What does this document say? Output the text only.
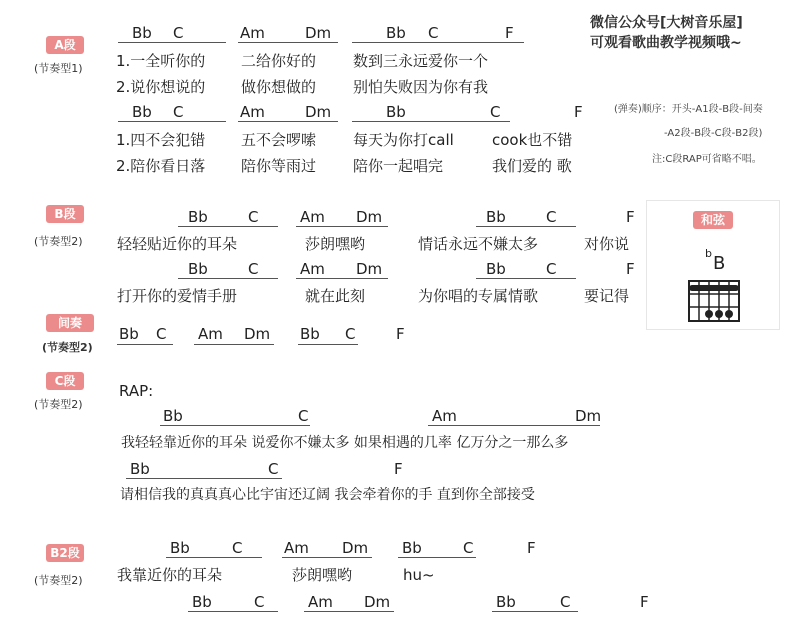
微信公众号[大树音乐屋]
可观看歌曲教学视频哦~
(弹奏)顺序：开头-A1段-B段-间奏
-A2段-B段-C段-B2段)
注:C段RAP可省略不唱。
和弦
b B
A段
(节奏型1)
Bb C	Am	Dm	Bb C	F
1.一全听你的 二给你好的 数到三永远爱你一个
2.说你想说的 做你想做的 别怕失败因为你有我
Bb C	Am	Dm	Bb	C	F
1.四不会犯错 五不会啰嗦 每天为你打call	cook也不错
2.陪你看日落 陪你等雨过 陪你一起唱完	我们爱的 歌
B段
(节奏型2)
Bb	C	Am Dm	Bb	C	F
轻轻贴近你的耳朵	莎朗嘿哟	情话永远不嫌太多	对你说
Bb	C	Am Dm	Bb	C	F
打开你的爱情手册	就在此刻	为你唱的专属情歌	要记得
间奏
(节奏型2)
Bb C Am Dm Bb C	F
C段
(节奏型2)
RAP:
Bb	C	Am	Dm
我轻轻靠近你的耳朵 说爱你不嫌太多 如果相遇的几率 亿万分之一那么多
Bb	C	F
请相信我的真真真心比宇宙还辽阔 我会牵着你的手 直到你全部接受
B2段
(节奏型2)
Bb	C	Am Dm Bb	C	F
我靠近你的耳朵	莎朗嘿哟	hu~
Bb	C	Am Dm	Bb	C	F
